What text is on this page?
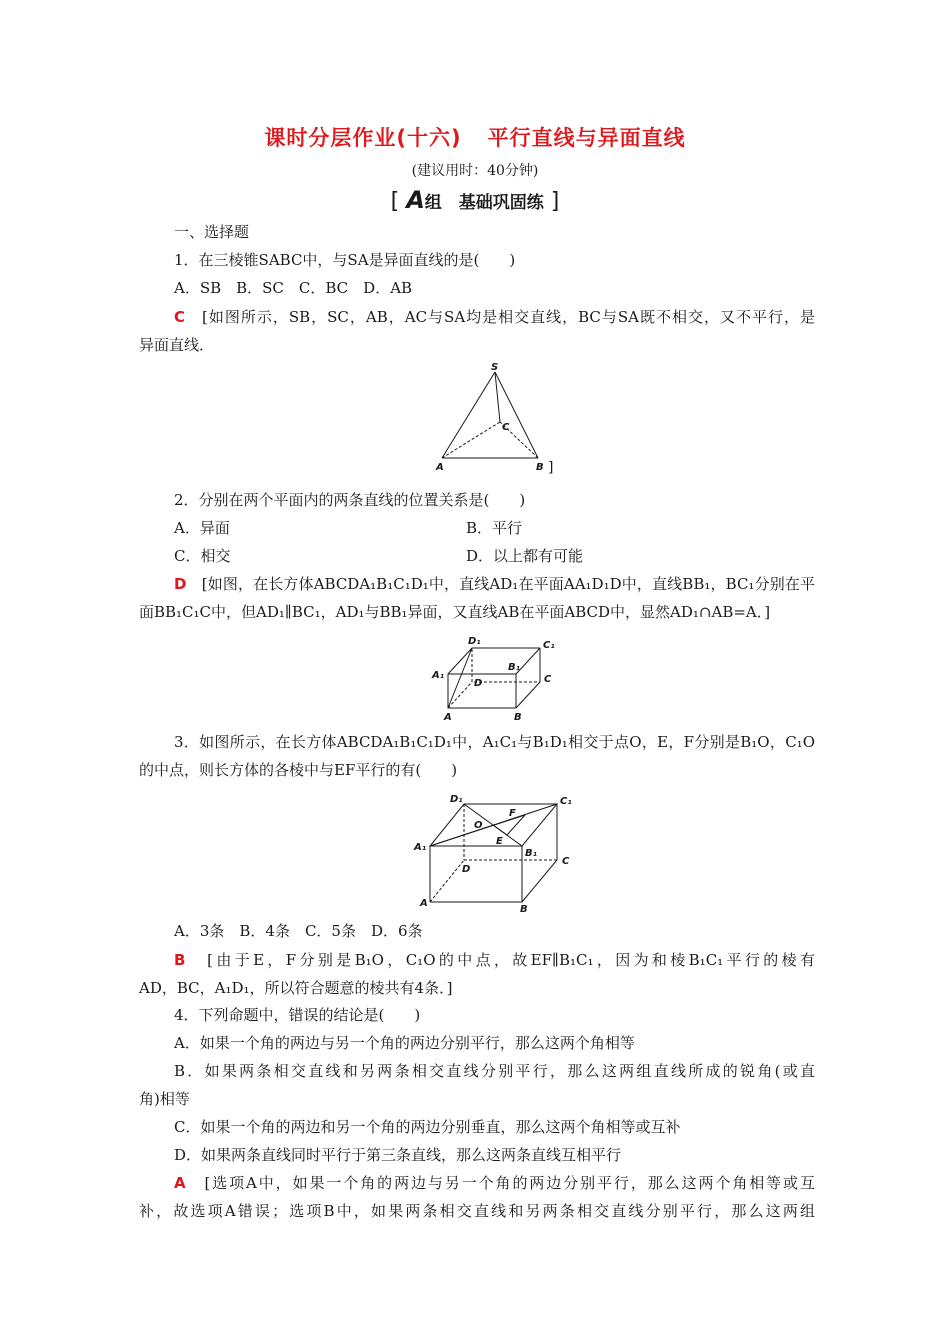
课时分层作业(十六) 平行直线与异面直线
(建议用时：40分钟)
[ A组　基础巩固练 ]
一、选择题
1．在三棱锥SABC中，与SA是异面直线的是(　　)
A．SB　B．SC　C．BC　D．AB
C　 [如图所示，SB，SC，AB，AC与SA均是相交直线，BC与SA既不相交，又不平行，是
异面直线．
S
C
A	B ]
2．分别在两个平面内的两条直线的位置关系是(　　)
A．异面	B．平行
C．相交	D．以上都有可能
D　 [如图，在长方体ABCDA₁B₁C₁D₁中，直线AD₁在平面AA₁D₁D中，直线BB₁，BC₁分别在平
面BB₁C₁C中，但AD₁∥BC₁，AD₁与BB₁异面，又直线AB在平面ABCD中，显然AD₁∩AB=A．]
D₁	C₁
B₁
A₁
D	C
A	B
3．如图所示，在长方体ABCDA₁B₁C₁D₁中，A₁C₁与B₁D₁相交于点O，E，F分别是B₁O，C₁O
的中点，则长方体的各棱中与EF平行的有(　　)
D₁	C₁
F
O
E
A₁
B₁
C
D
A
B
A．3条　B．4条　C．5条　D．6条
B　 [由于E，F分别是B₁O，C₁O的中点，故EF∥B₁C₁，因为和棱B₁C₁平行的棱有
AD，BC，A₁D₁，所以符合题意的棱共有4条．]
4．下列命题中，错误的结论是(　　)
A．如果一个角的两边与另一个角的两边分别平行，那么这两个角相等
B．如果两条相交直线和另两条相交直线分别平行，那么这两组直线所成的锐角(或直
角)相等
C．如果一个角的两边和另一个角的两边分别垂直，那么这两个角相等或互补
D．如果两条直线同时平行于第三条直线，那么这两条直线互相平行
A　 [选项A中，如果一个角的两边与另一个角的两边分别平行，那么这两个角相等或互
补，故选项A错误；选项B中，如果两条相交直线和另两条相交直线分别平行，那么这两组
